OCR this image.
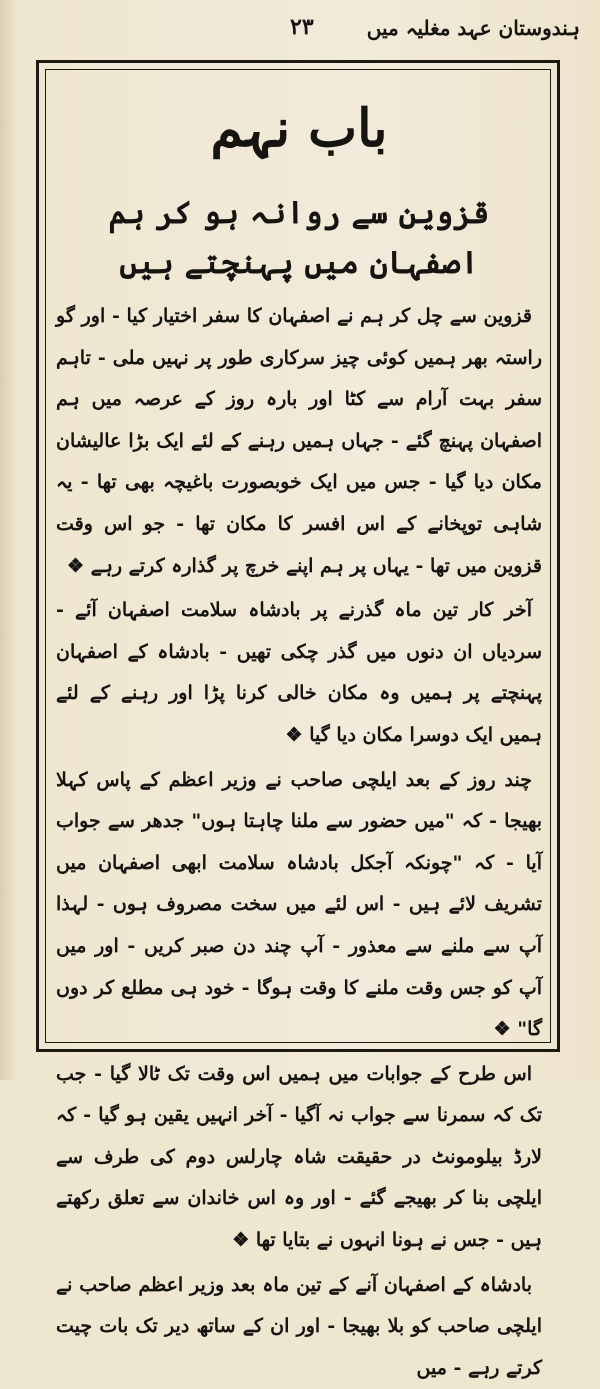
ہندوستان عہد مغلیہ میں
۲۳
باب نہم
قزوین سے روانہ ہو کر ہم اصفہان میں پہنچتے ہیں

قزوین سے چل کر ہم نے اصفہان کا سفر اختیار کیا - اور گو راستہ بھر ہمیں کوئی چیز سرکاری طور پر نہیں ملی - تاہم سفر بہت آرام سے کٹا اور بارہ روز کے عرصہ میں ہم اصفہان پہنچ گئے - جہاں ہمیں رہنے کے لئے ایک بڑا عالیشان مکان دیا گیا - جس میں ایک خوبصورت باغیچہ بھی تھا - یہ شاہی توپخانے کے اس افسر کا مکان تھا - جو اس وقت قزوین میں تھا - یہاں پر ہم اپنے خرچ پر گذارہ کرتے رہے ❖

آخر کار تین ماہ گذرنے پر بادشاہ سلامت اصفہان آئے - سردیاں ان دنوں میں گذر چکی تھیں - بادشاہ کے اصفہان پہنچتے پر ہمیں وہ مکان خالی کرنا پڑا اور رہنے کے لئے ہمیں ایک دوسرا مکان دیا گیا ❖

چند روز کے بعد ایلچی صاحب نے وزیر اعظم کے پاس کہلا بھیجا - کہ "میں حضور سے ملنا چاہتا ہوں" جدھر سے جواب آیا - کہ "چونکہ آجکل بادشاہ سلامت ابھی اصفہان میں تشریف لائے ہیں - اس لئے میں سخت مصروف ہوں - لہذا آپ سے ملنے سے معذور - آپ چند دن صبر کریں - اور میں آپ کو جس وقت ملنے کا وقت ہوگا - خود ہی مطلع کر دوں گا" ❖

اس طرح کے جوابات میں ہمیں اس وقت تک ٹالا گیا - جب تک کہ سمرنا سے جواب نہ آگیا - آخر انہیں یقین ہو گیا - کہ لارڈ بیلومونٹ در حقیقت شاہ چارلس دوم کی طرف سے ایلچی بنا کر بھیجے گئے - اور وہ اس خاندان سے تعلق رکھتے ہیں - جس نے ہونا انہوں نے بتایا تھا ❖

بادشاہ کے اصفہان آنے کے تین ماہ بعد وزیر اعظم صاحب نے ایلچی صاحب کو بلا بھیجا - اور ان کے ساتھ دیر تک بات چیت کرتے رہے - میں
